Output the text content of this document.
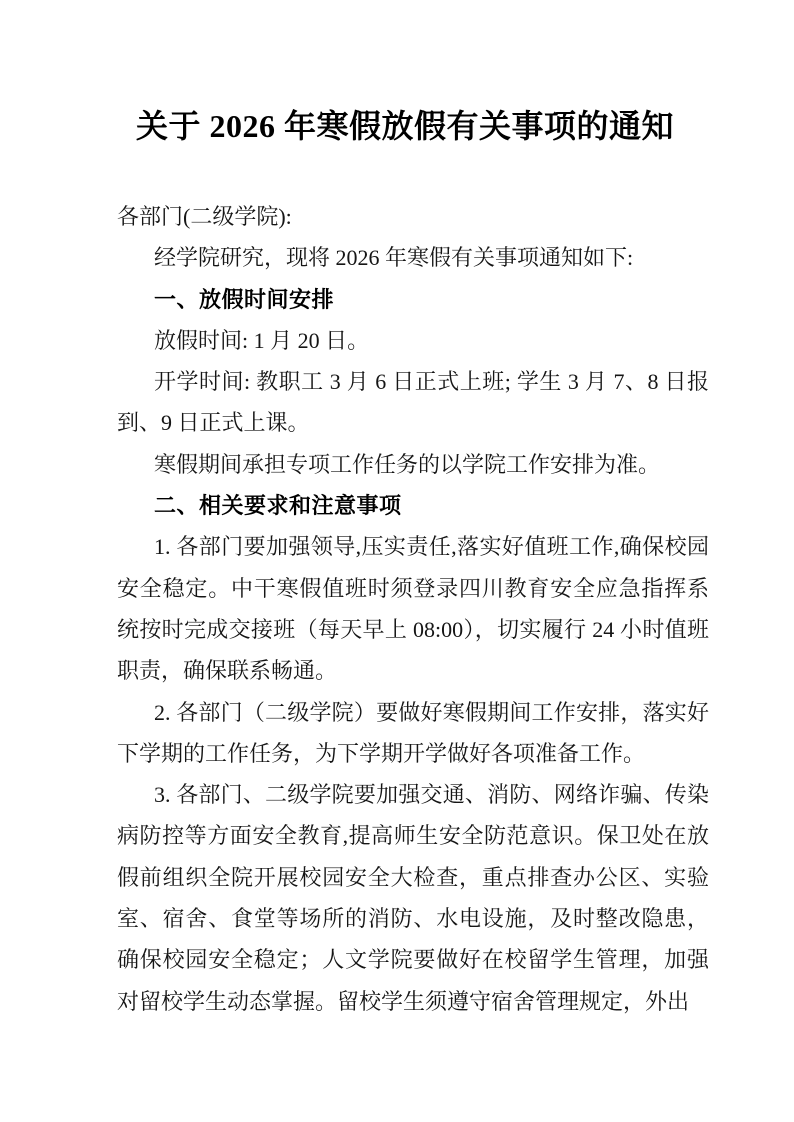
关于 2026 年寒假放假有关事项的通知

各部门(二级学院):

经学院研究，现将 2026 年寒假有关事项通知如下:

一、放假时间安排

放假时间: 1 月 20 日。

开学时间: 教职工 3 月 6 日正式上班; 学生 3 月 7、8 日报到、9 日正式上课。

寒假期间承担专项工作任务的以学院工作安排为准。

二、相关要求和注意事项

1. 各部门要加强领导,压实责任,落实好值班工作,确保校园安全稳定。中干寒假值班时须登录四川教育安全应急指挥系统按时完成交接班（每天早上 08:00），切实履行 24 小时值班职责，确保联系畅通。

2. 各部门（二级学院）要做好寒假期间工作安排，落实好下学期的工作任务，为下学期开学做好各项准备工作。

3. 各部门、二级学院要加强交通、消防、网络诈骗、传染病防控等方面安全教育,提高师生安全防范意识。保卫处在放假前组织全院开展校园安全大检查，重点排查办公区、实验室、宿舍、食堂等场所的消防、水电设施，及时整改隐患，确保校园安全稳定；人文学院要做好在校留学生管理，加强对留校学生动态掌握。留校学生须遵守宿舍管理规定，外出
